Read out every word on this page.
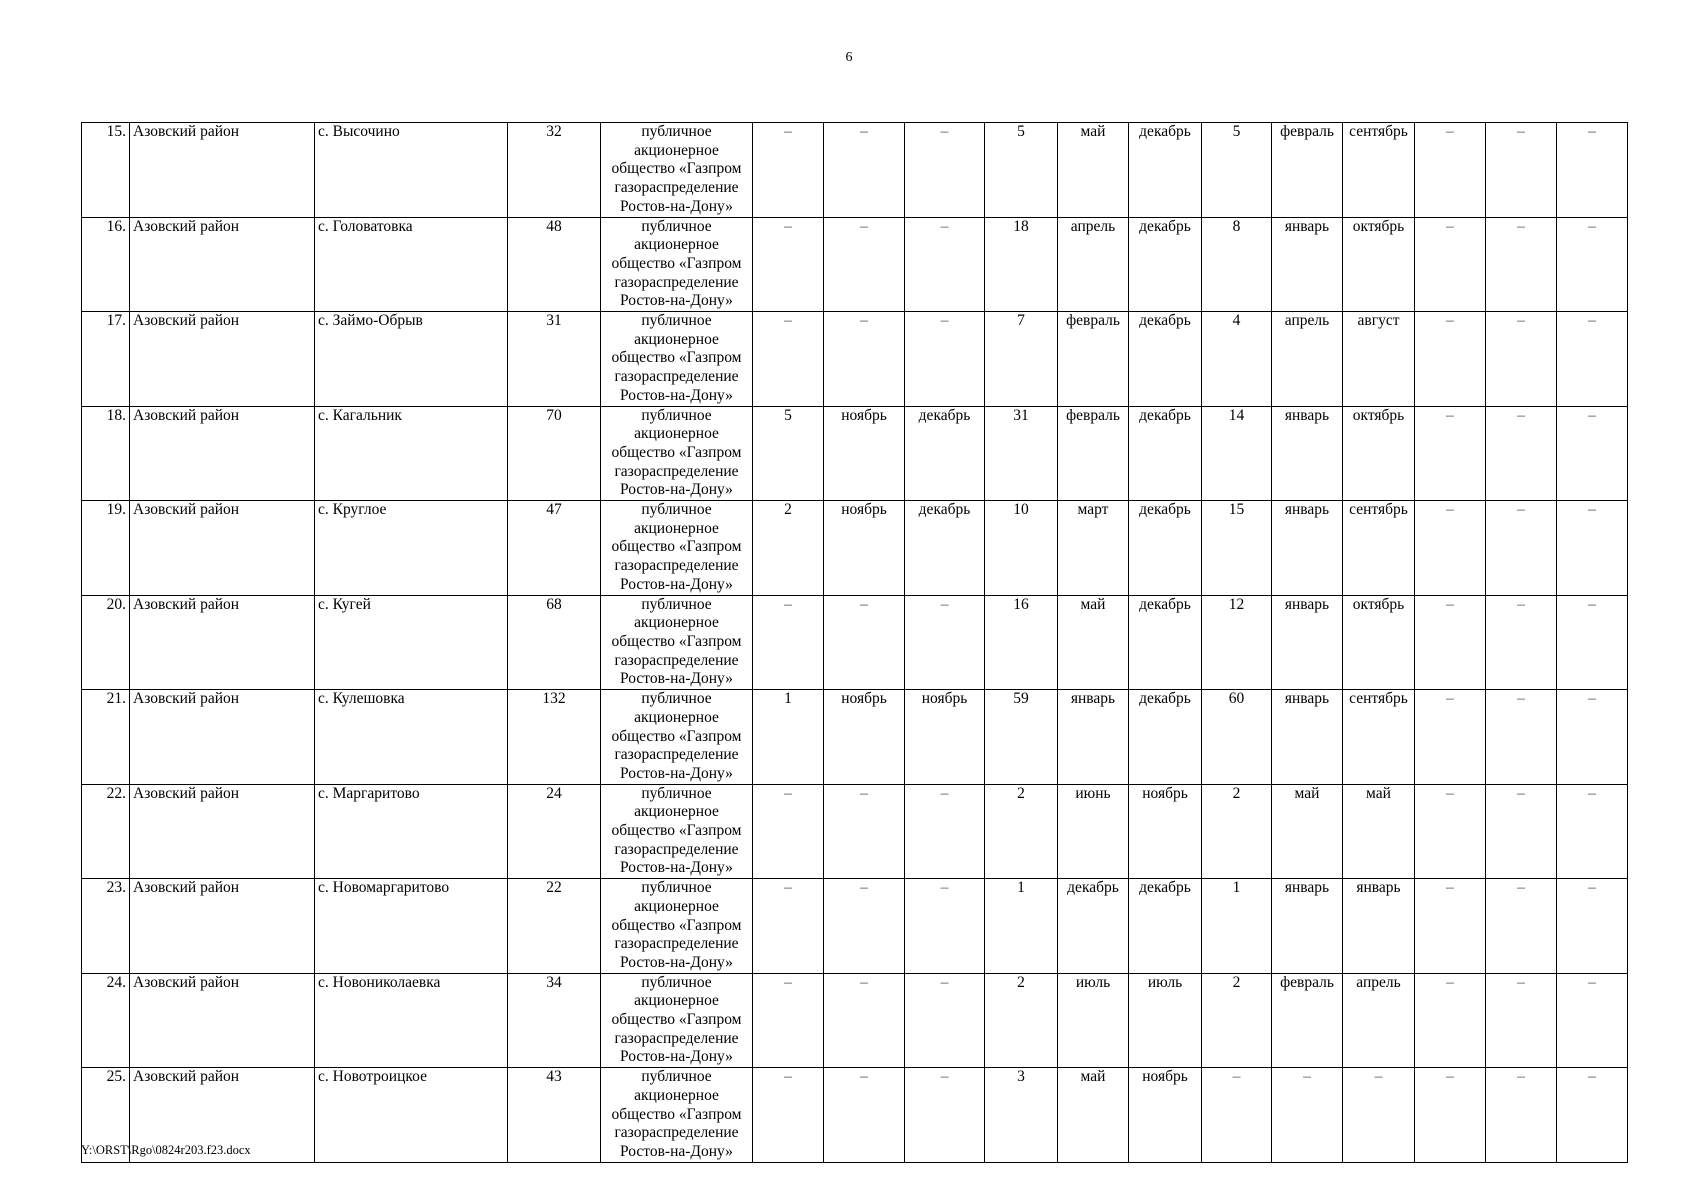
6
15.	Азовский район	с. Высочино	32	публичное
акционерное
общество «Газпром
газораспределение
Ростов-на-Дону»	–	–	–	5	май	декабрь	5	февраль	сентябрь	–	–	–
16.	Азовский район	с. Головатовка	48	публичное
акционерное
общество «Газпром
газораспределение
Ростов-на-Дону»	–	–	–	18	апрель	декабрь	8	январь	октябрь	–	–	–
17.	Азовский район	с. Займо-Обрыв	31	публичное
акционерное
общество «Газпром
газораспределение
Ростов-на-Дону»	–	–	–	7	февраль	декабрь	4	апрель	август	–	–	–
18.	Азовский район	с. Кагальник	70	публичное
акционерное
общество «Газпром
газораспределение
Ростов-на-Дону»	5	ноябрь	декабрь	31	февраль	декабрь	14	январь	октябрь	–	–	–
19.	Азовский район	с. Круглое	47	публичное
акционерное
общество «Газпром
газораспределение
Ростов-на-Дону»	2	ноябрь	декабрь	10	март	декабрь	15	январь	сентябрь	–	–	–
20.	Азовский район	с. Кугей	68	публичное
акционерное
общество «Газпром
газораспределение
Ростов-на-Дону»	–	–	–	16	май	декабрь	12	январь	октябрь	–	–	–
21.	Азовский район	с. Кулешовка	132	публичное
акционерное
общество «Газпром
газораспределение
Ростов-на-Дону»	1	ноябрь	ноябрь	59	январь	декабрь	60	январь	сентябрь	–	–	–
22.	Азовский район	с. Маргаритово	24	публичное
акционерное
общество «Газпром
газораспределение
Ростов-на-Дону»	–	–	–	2	июнь	ноябрь	2	май	май	–	–	–
23.	Азовский район	с. Новомаргаритово	22	публичное
акционерное
общество «Газпром
газораспределение
Ростов-на-Дону»	–	–	–	1	декабрь	декабрь	1	январь	январь	–	–	–
24.	Азовский район	с. Новониколаевка	34	публичное
акционерное
общество «Газпром
газораспределение
Ростов-на-Дону»	–	–	–	2	июль	июль	2	февраль	апрель	–	–	–
25.	Азовский район	с. Новотроицкое	43	публичное
акционерное
общество «Газпром
газораспределение
Ростов-на-Дону»	–	–	–	3	май	ноябрь	–	–	–	–	–	–
Y:\ORST\Rgo\0824r203.f23.docx
